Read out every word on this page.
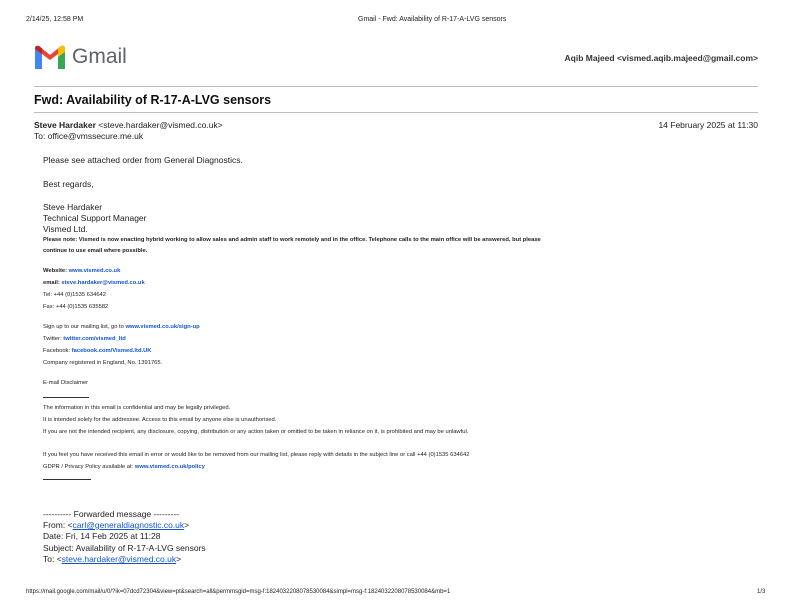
2/14/25, 12:58 PM	Gmail - Fwd: Availability of R-17-A-LVG sensors
Gmail	Aqib Majeed <vismed.aqib.majeed@gmail.com>
Fwd: Availability of R-17-A-LVG sensors
Steve Hardaker <steve.hardaker@vismed.co.uk>	14 February 2025 at 11:30
To: office@vmssecure.me.uk
Please see attached order from General Diagnostics.
Best regards,
Steve Hardaker
Technical Support Manager
Vismed Ltd.
Please note: Vismed is now enacting hybrid working to allow sales and admin staff to work remotely and in the office. Telephone calls to the main office will be answered, but please
continue to use email where possible.
Website: www.vismed.co.uk
email: steve.hardaker@vismed.co.uk
Tel: +44 (0)1535 634642
Fax: +44 (0)1535 635582
Sign up to our mailing list, go to www.vismed.co.uk/sign-up
Twitter: twitter.com/vismed_ltd
Facebook: facebook.com/Vismed.ltd.UK
Company registered in England, No. 1391765.
E-mail Disclaimer
The information in this email is confidential and may be legally privileged.
It is intended solely for the addressee. Access to this email by anyone else is unauthorised.
If you are not the intended recipient, any disclosure, copying, distribution or any action taken or omitted to be taken in reliance on it, is prohibited and may be unlawful.
If you feel you have received this email in error or would like to be removed from our mailing list, please reply with details in the subject line or call +44 (0)1535 634642
GDPR / Privacy Policy available at: www.vismed.co.uk/policy
---------- Forwarded message ---------
From: <carl@generaldiagnostic.co.uk>
Date: Fri, 14 Feb 2025 at 11:28
Subject: Availability of R-17-A-LVG sensors
To: <steve.hardaker@vismed.co.uk>
https://mail.google.com/mail/u/0/?ik=07dcd72304&view=pt&search=all&permmsgid=msg-f:1824032208078530084&simpl=msg-f:1824032208078530084&mb=1	1/3
